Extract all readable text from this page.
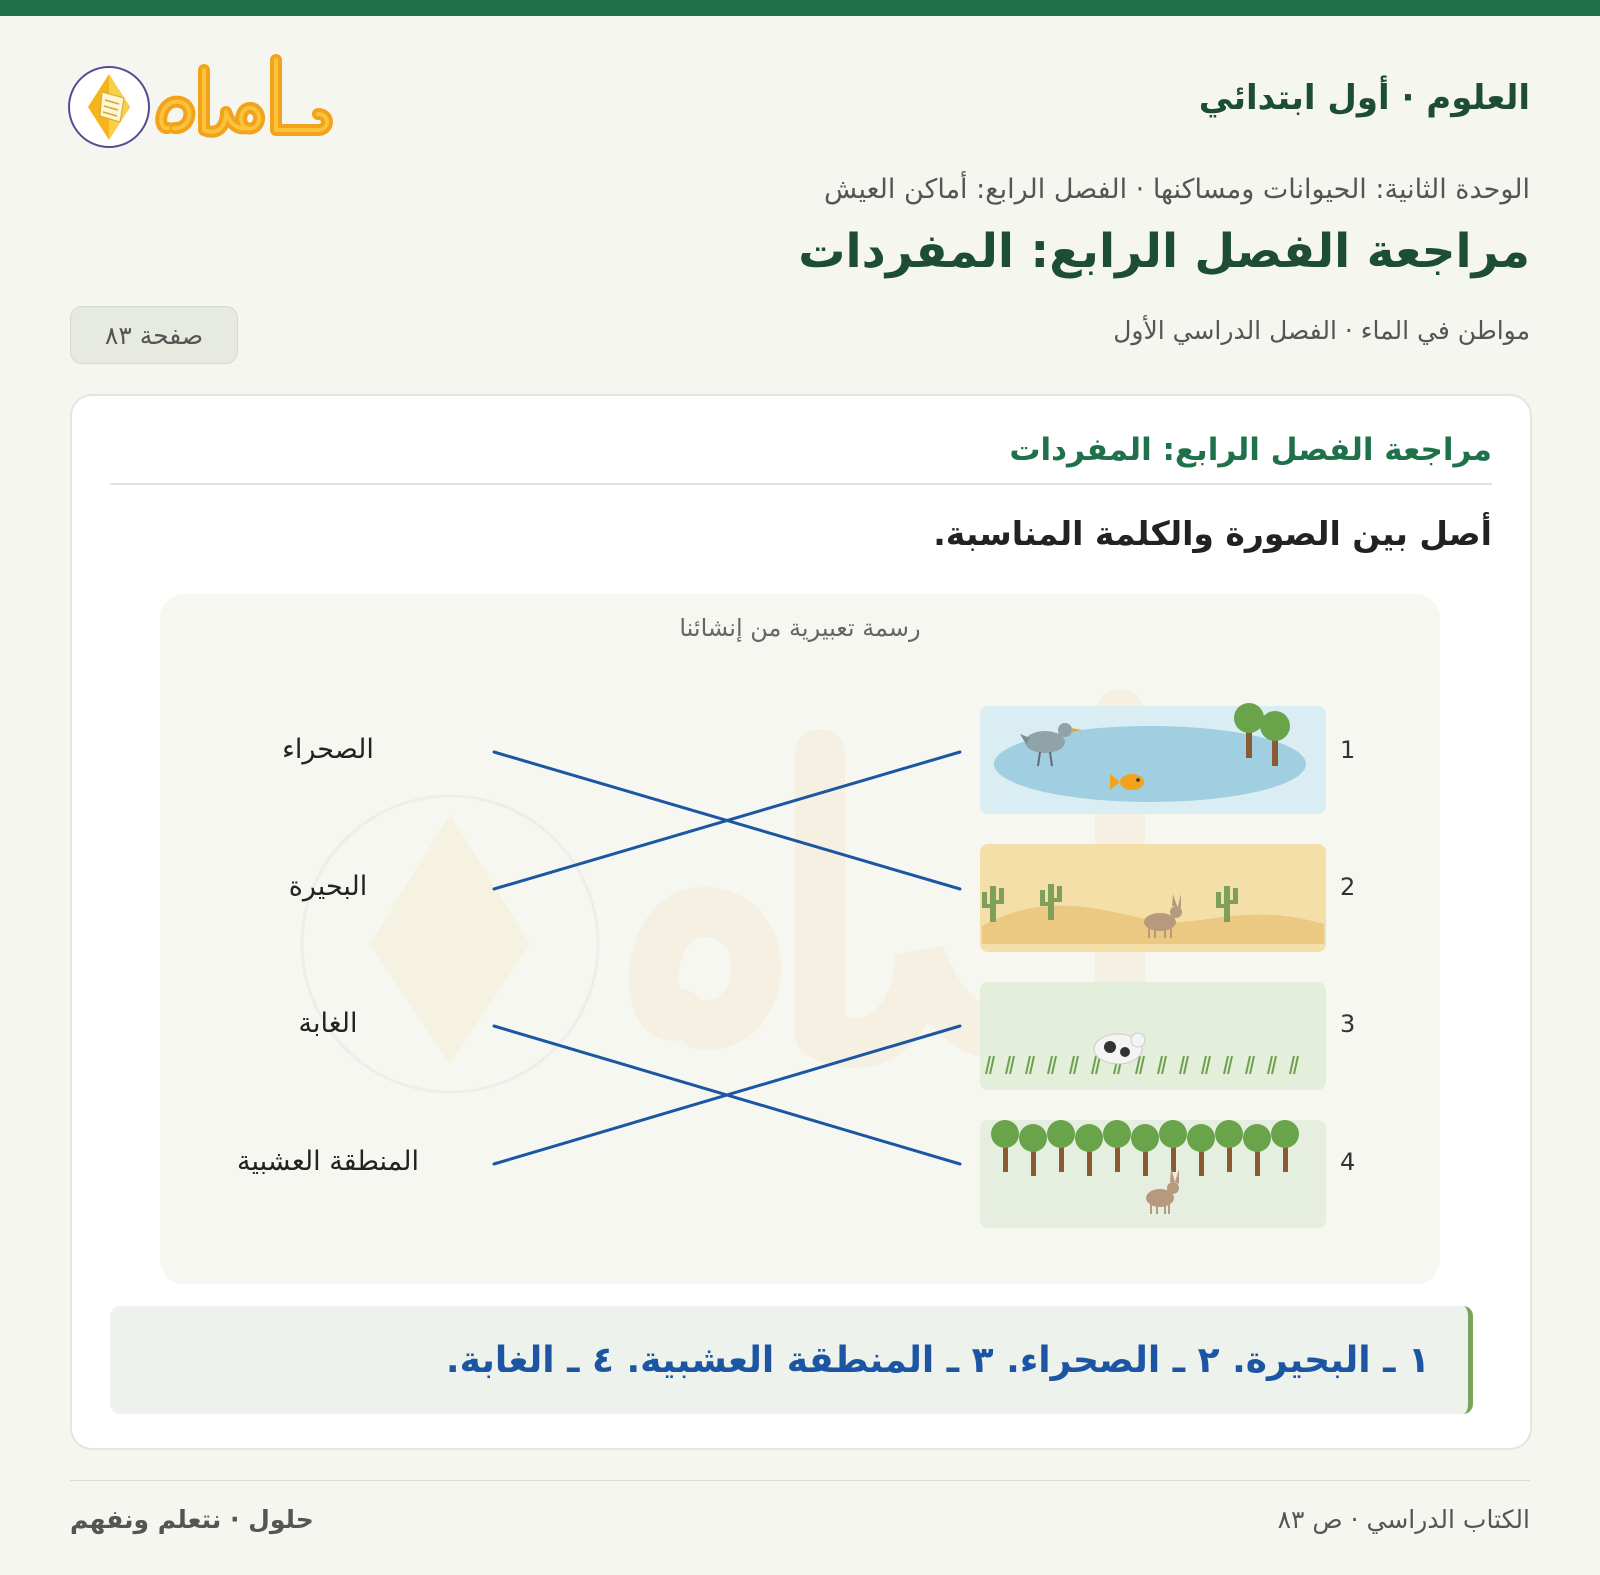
العلوم · أول ابتدائي
الوحدة الثانية: الحيوانات ومساكنها · الفصل الرابع: أماكن العيش
مراجعة الفصل الرابع: المفردات
مواطن في الماء · الفصل الدراسي الأول
صفحة ٨٣
مراجعة الفصل الرابع: المفردات
أصل بين الصورة والكلمة المناسبة.
رسمة تعبيرية من إنشائنا
الصحراء
البحيرة
الغابة
المنطقة العشبية
1
2
3
4
١ ـ البحيرة. ٢ ـ الصحراء. ٣ ـ المنطقة العشبية. ٤ ـ الغابة.
الكتاب الدراسي · ص ٨٣
حلول · نتعلم ونفهم
